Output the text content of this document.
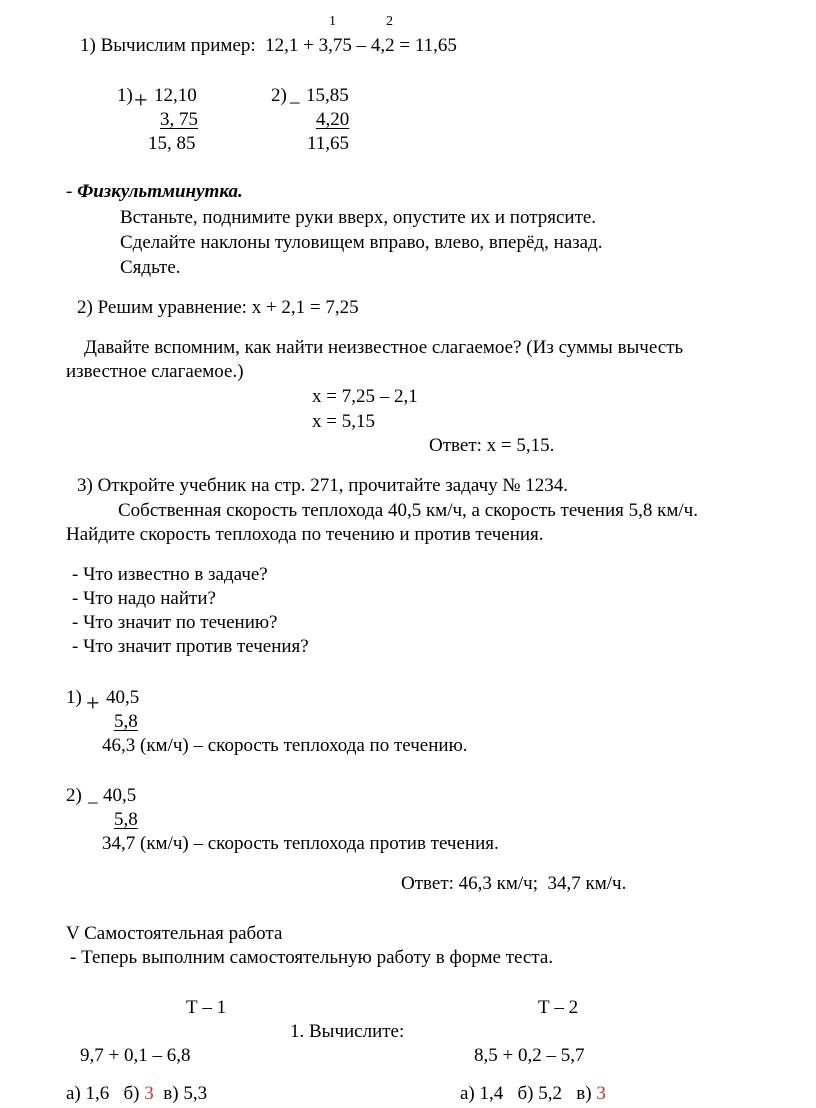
1	2
1) Вычислим пример:  12,1 + 3,75 – 4,2 = 11,65
1) + 12,10
3, 75
15, 85
2) _ 15,85
4,20
11,65
- Физкультминутка.
Встаньте, поднимите руки вверх, опустите их и потрясите.
Сделайте наклоны туловищем вправо, влево, вперёд, назад.
Сядьте.
2) Решим уравнение: х + 2,1 = 7,25
Давайте вспомним, как найти неизвестное слагаемое? (Из суммы вычесть
известное слагаемое.)
х = 7,25 – 2,1
х = 5,15
Ответ: х = 5,15.
3) Откройте учебник на стр. 271, прочитайте задачу № 1234.
Собственная скорость теплохода 40,5 км/ч, а скорость течения 5,8 км/ч.
Найдите скорость теплохода по течению и против течения.
- Что известно в задаче?
- Что надо найти?
- Что значит по течению?
- Что значит против течения?
1) + 40,5
5,8
46,3 (км/ч) – скорость теплохода по течению.
2) _ 40,5
5,8
34,7 (км/ч) – скорость теплохода против течения.
Ответ: 46,3 км/ч;  34,7 км/ч.
V Самостоятельная работа
- Теперь выполним самостоятельную работу в форме теста.
Т – 1	Т – 2
1. Вычислите:
9,7 + 0,1 – 6,8	8,5 + 0,2 – 5,7
а) 1,6 б) 3 в) 5,3	а) 1,4 б) 5,2 в) 3
